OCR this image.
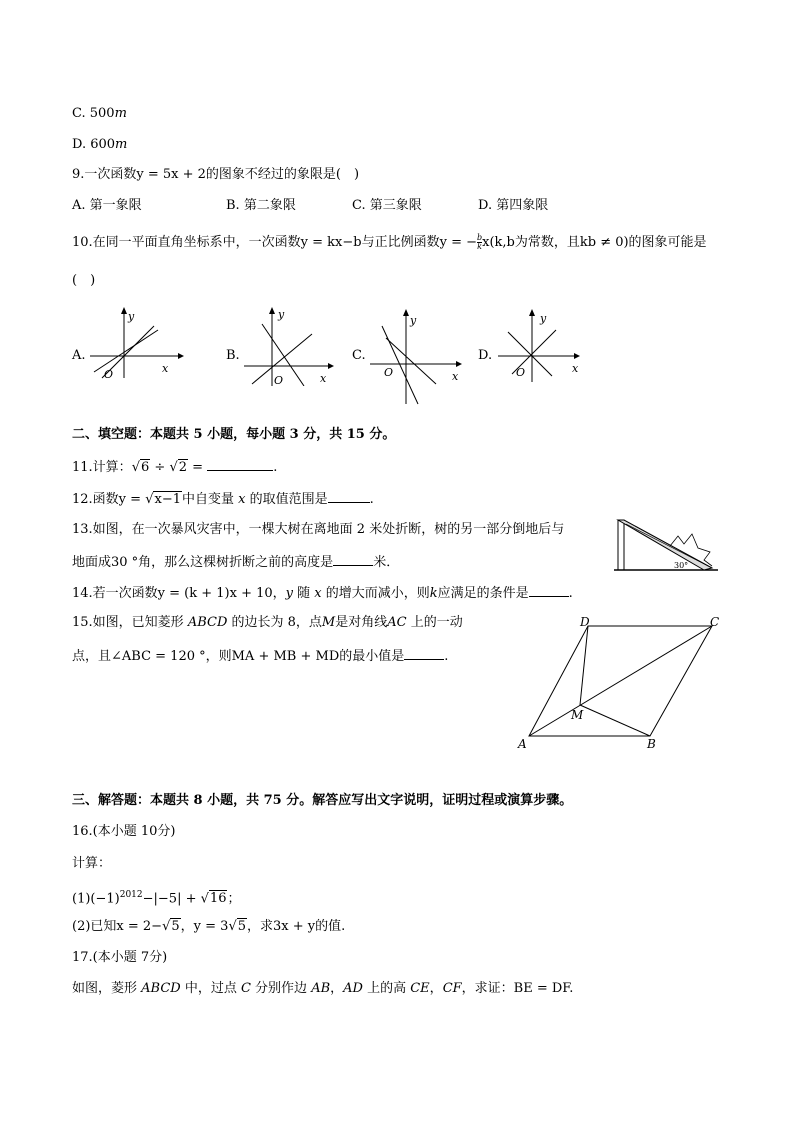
C. 500m
D. 600m
9.一次函数y = 5x + 2的图象不经过的象限是(　)
A. 第一象限	B. 第二象限	C. 第三象限	D. 第四象限
10.在同一平面直角坐标系中，一次函数y = kx−b与正比例函数y = − $\frac{b}{k} x(k,b$为常数，且kb ≠ 0)的图象可能是
(　)
A.
y
x
O
B.
y
x
O
C.
y
x
O
D.
y
x
O
二、填空题：本题共 5 小题，每小题 3 分，共 15 分。
11.计算：√6 ÷ √2 =	.
12.函数y = √x−1中自变量 x 的取值范围是	.
13.如图，在一次暴风灾害中，一棵大树在离地面 2 米处折断，树的另一部分倒地后与
地面成30 °角，那么这棵树折断之前的高度是	米．	30°
14.若一次函数y = (k + 1)x + 10，y 随 x 的增大而减小，则k应满足的条件是	.
15.如图，已知菱形 ABCD 的边长为 8，点M是对角线AC 上的一动
点，且∠ABC = 120 °，则MA + MB + MD的最小值是	.
D	C
A	B
M
三、解答题：本题共 8 小题，共 75 分。解答应写出文字说明，证明过程或演算步骤。
16.(本小题 10分)
计算：
$(1)(-1)^{2012}-|-5| + √16$；
(2)已知x = 2−√5，y = 3√5，求3x + y的值.
17.(本小题 7分)
如图，菱形 ABCD 中，过点 C 分别作边 AB，AD 上的高 CE，CF，求证：BE = DF.
